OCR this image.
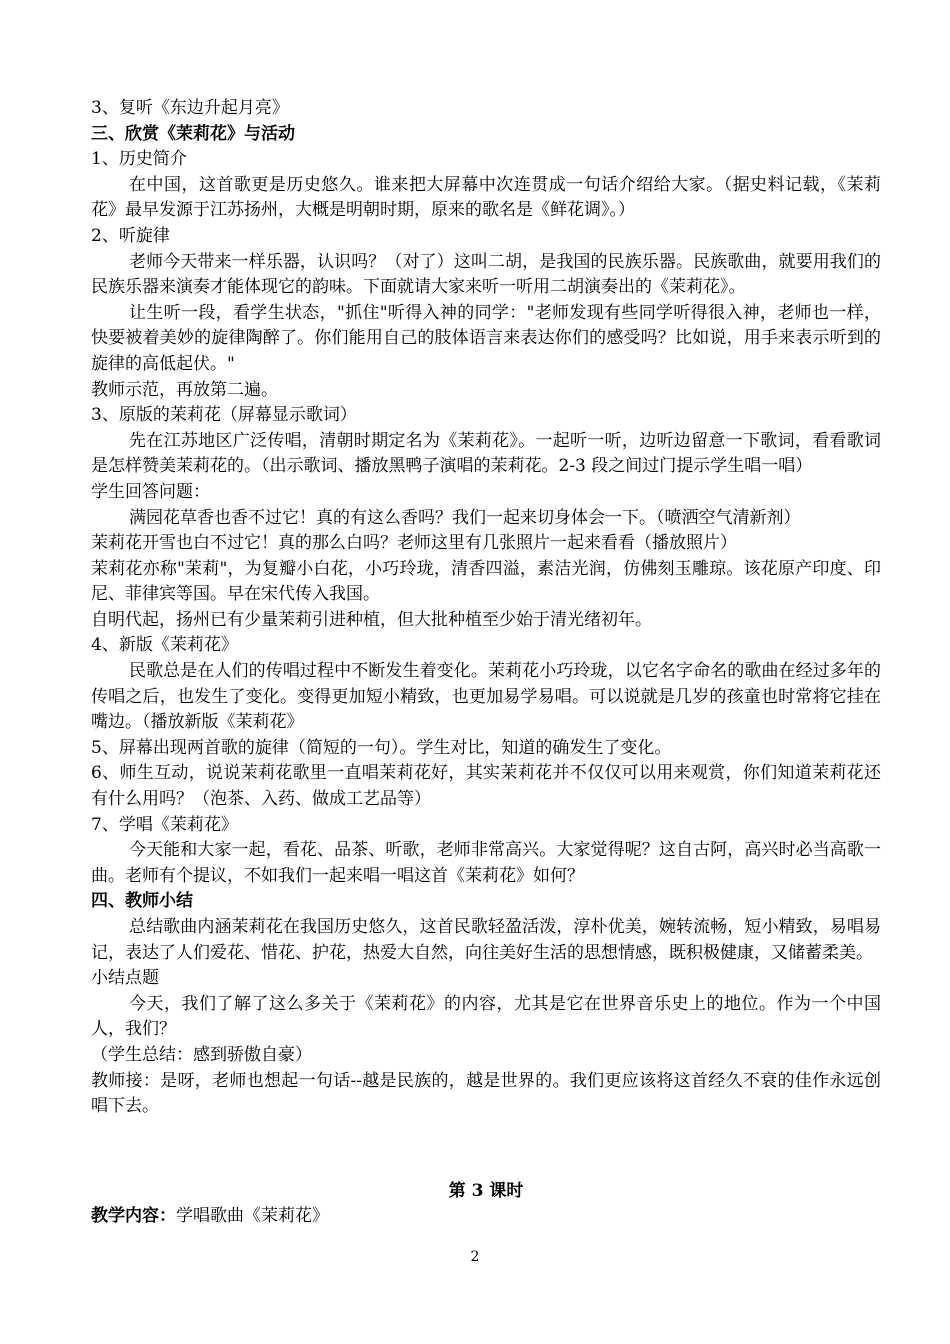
3、复听《东边升起月亮》

三、欣赏《茉莉花》与活动

1、历史简介

在中国，这首歌更是历史悠久。谁来把大屏幕中次连贯成一句话介绍给大家。（据史料记载，《茉莉花》最早发源于江苏扬州，大概是明朝时期，原来的歌名是《鲜花调》。）

2、听旋律

老师今天带来一样乐器，认识吗？（对了）这叫二胡，是我国的民族乐器。民族歌曲，就要用我们的民族乐器来演奏才能体现它的韵味。下面就请大家来听一听用二胡演奏出的《茉莉花》。

让生听一段，看学生状态，"抓住"听得入神的同学："老师发现有些同学听得很入神，老师也一样，快要被着美妙的旋律陶醉了。你们能用自己的肢体语言来表达你们的感受吗？比如说，用手来表示听到的旋律的高低起伏。"

教师示范，再放第二遍。

3、原版的茉莉花（屏幕显示歌词）

先在江苏地区广泛传唱，清朝时期定名为《茉莉花》。一起听一听，边听边留意一下歌词，看看歌词是怎样赞美茉莉花的。（出示歌词、播放黑鸭子演唱的茉莉花。2-3 段之间过门提示学生唱一唱）

学生回答问题：

满园花草香也香不过它！真的有这么香吗？我们一起来切身体会一下。（喷洒空气清新剂）

茉莉花开雪也白不过它！真的那么白吗？老师这里有几张照片一起来看看（播放照片）

茉莉花亦称"茉莉"，为复瓣小白花，小巧玲珑，清香四溢，素洁光润，仿佛刻玉雕琼。该花原产印度、印尼、菲律宾等国。早在宋代传入我国。

自明代起，扬州已有少量茉莉引进种植，但大批种植至少始于清光绪初年。

4、新版《茉莉花》

民歌总是在人们的传唱过程中不断发生着变化。茉莉花小巧玲珑，以它名字命名的歌曲在经过多年的传唱之后，也发生了变化。变得更加短小精致，也更加易学易唱。可以说就是几岁的孩童也时常将它挂在嘴边。（播放新版《茉莉花》

5、屏幕出现两首歌的旋律（简短的一句）。学生对比，知道的确发生了变化。

6、师生互动，说说茉莉花歌里一直唱茉莉花好，其实茉莉花并不仅仅可以用来观赏，你们知道茉莉花还有什么用吗？（泡茶、入药、做成工艺品等）

7、学唱《茉莉花》

今天能和大家一起，看花、品茶、听歌，老师非常高兴。大家觉得呢？这自古阿，高兴时必当高歌一曲。老师有个提议，不如我们一起来唱一唱这首《茉莉花》如何？

四、教师小结

总结歌曲内涵茉莉花在我国历史悠久，这首民歌轻盈活泼，淳朴优美，婉转流畅，短小精致，易唱易记，表达了人们爱花、惜花、护花，热爱大自然，向往美好生活的思想情感，既积极健康，又储蓄柔美。

小结点题

今天，我们了解了这么多关于《茉莉花》的内容，尤其是它在世界音乐史上的地位。作为一个中国人，我们？

（学生总结：感到骄傲自豪）

教师接：是呀，老师也想起一句话--越是民族的，越是世界的。我们更应该将这首经久不衰的佳作永远创唱下去。

第 3 课时

教学内容：学唱歌曲《茉莉花》

2
